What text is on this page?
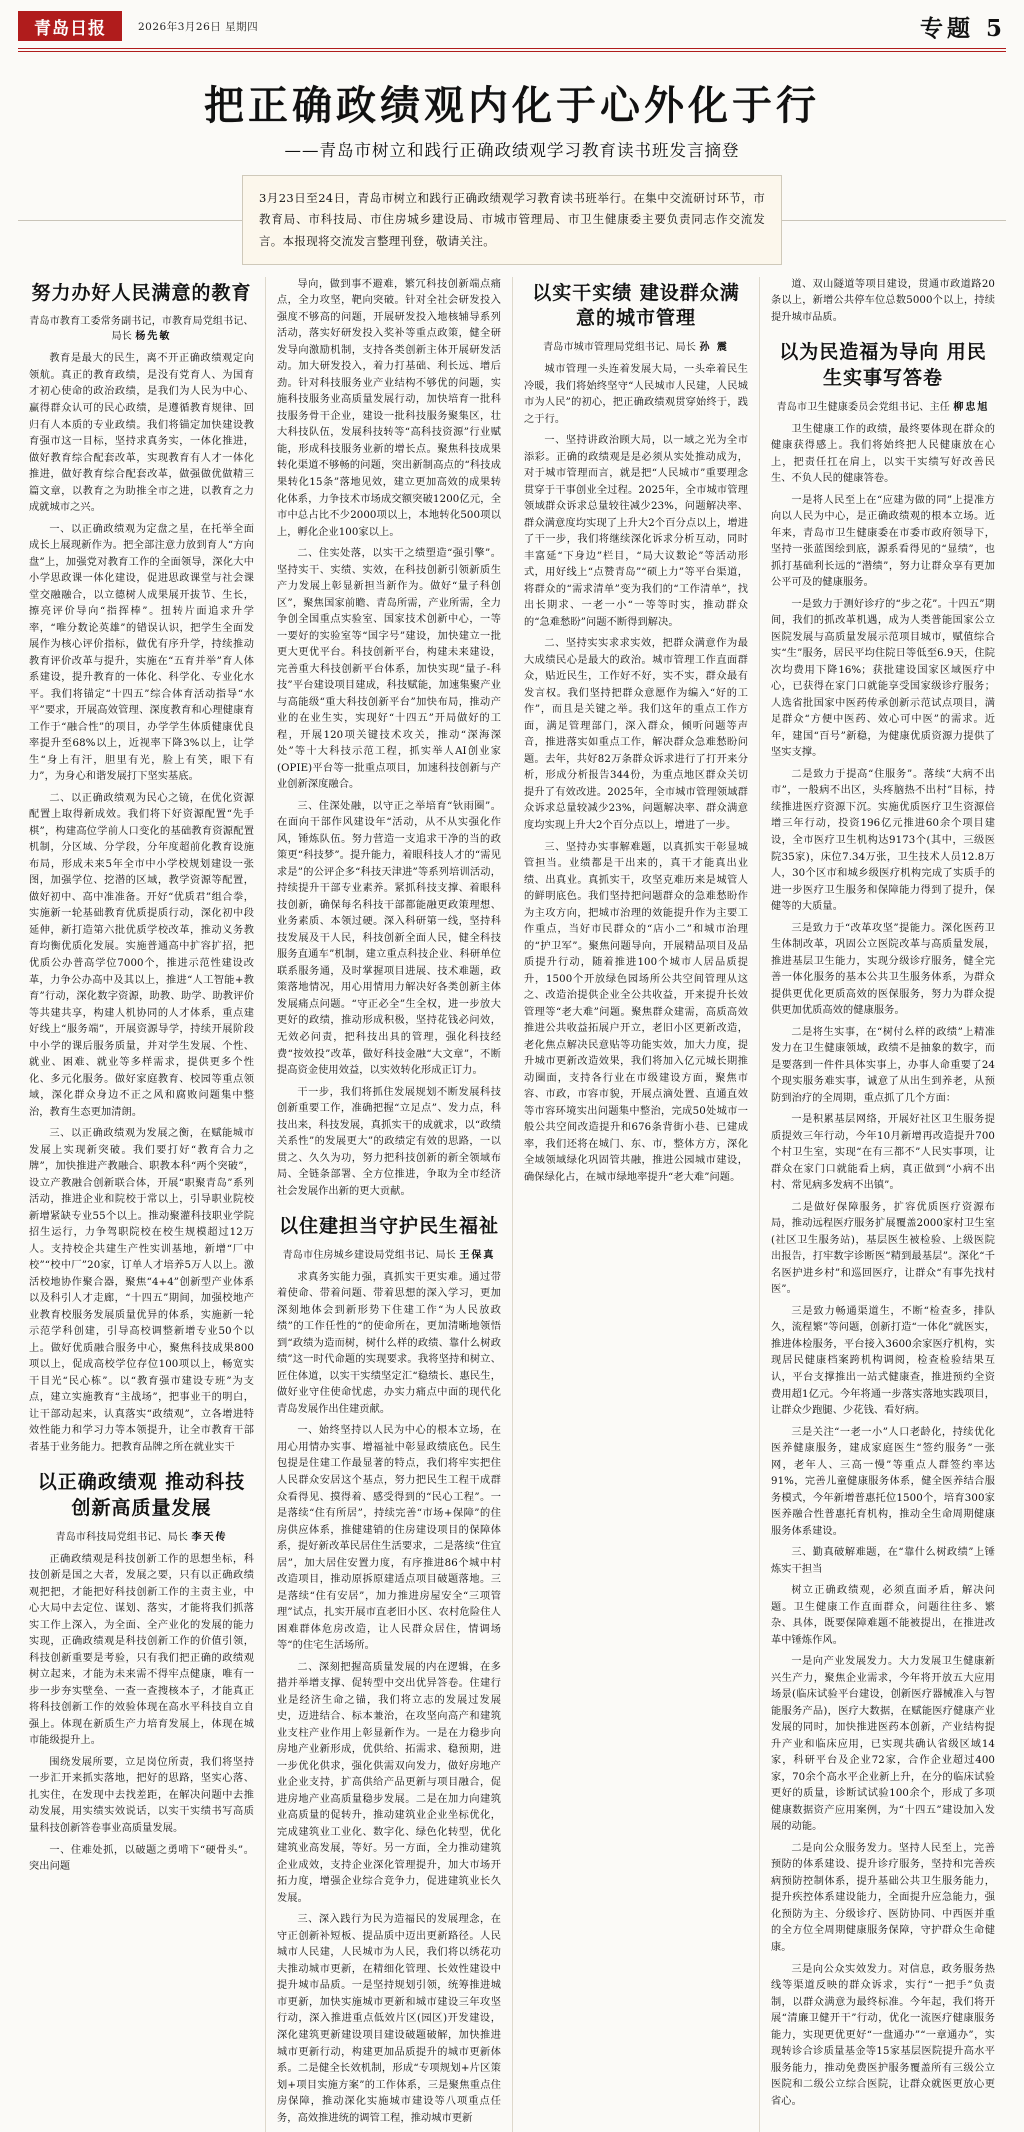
青岛日报	2026年3月26日 星期四	专题 5
把正确政绩观内化于心外化于行
——青岛市树立和践行正确政绩观学习教育读书班发言摘登
3月23日至24日，青岛市树立和践行正确政绩观学习教育读书班举行。在集中交流研讨环节，市教育局、市科技局、市住房城乡建设局、市城市管理局、市卫生健康委主要负责同志作交流发言。本报现将交流发言整理刊登，敬请关注。
努力办好人民满意的教育
青岛市教育工委常务副书记，市教育局党组书记、局长 杨先敏

教育是最大的民生，离不开正确政绩观定向领航。真正的教育政绩，是没有党育人、为国育才初心使命的政治政绩，是我们为人民为中心、赢得群众认可的民心政绩，是遵循教育规律、回归有人本质的专业政绩。我们将锚定加快建设教育强市这一目标，坚持求真务实，一体化推进，做好教育综合配套改革，实现教育有人才一体化推进，做好教育综合配套改革，做强做优做精三篇文章，以教育之为助推全市之进，以教育之力成就城市之兴。

一、以正确政绩观为定盘之星，在托举全面成长上展现新作为。把全部注意力放到育人“方向盘”上，加强党对教育工作的全面领导，深化大中小学思政课一体化建设，促进思政课堂与社会课堂交融融合，以立德树人成果展开拔节、生长，擦亮评价导向“指挥棒”。扭转片面追求升学率，“唯分数论英雄”的错误认识，把学生全面发展作为核心评价指标，做优有序升学，持续推动教育评价改革与提升，实施在“五育并举”育人体系建设，提升教育的一体化、科学化、专业化水平。我们将锚定“十四五”综合体育活动指导“水平”要求，开展高效管理、深度教育和心理健康育工作于“融合性”的项目，办学学生体质健康优良率提升至68%以上，近视率下降3%以上，让学生“身上有汗，胆里有光，脸上有笑，眼下有力”，为身心和谐发展打下坚实基底。

二、以正确政绩观为民心之镜，在优化资源配置上取得新成效。我们将下好资源配置“先手棋”，构建高位学前人口变化的基础教育资源配置机制，分区域、分学段，分年度超前化教育设施布局，形成未来5年全市中小学校规划建设一张图，加强学位、挖潜的区域，教学资源等配置，做好初中、高中准准备。开好“优质君”组合拳，实施新一轮基础教育优质提质行动，深化初中段延伸，新打造第六批优质学校改革，推动义务教育均衡优质化发展。实施普通高中扩容扩招，把优质公办普高学位7000个，推进示范性建设改革，力争公办高中及其以上，推进“人工智能+教育”行动，深化数字资源，助教、助学、助教评价等共建共享，构建人机协同的人才体系，重点建好线上“服务端”，开展资源导学，持续开展阶段中小学的课后服务质量，并对学生发展、个性、就业、困难、就业等多样需求，提供更多个性化、多元化服务。做好家庭教育、校园等重点领域，深化群众身边不正之风和腐败问题集中整治，教育生态更加清朗。

三、以正确政绩观为发展之衡，在赋能城市发展上实现新突破。我们要打好“教育合力之牌”，加快推进产教融合、职教本科“两个突破”，设立产教融合创新联合体，开展“职聚青岛”系列活动，推进企业和院校于常以上，引导职业院校新增紧缺专业55个以上。推动聚灌科技职业学院招生运行，力争驾职院校在校生规模超过12万人。支持校企共建生产性实训基地，新增“厂中校”“校中厂”20家，订单人才培养5万人以上。激活校地协作聚合器，聚焦“4+4”创新型产业体系以及科引人才走廊，“十四五”期间，加强校地产业教育校服务发展质量优异的体系，实施新一轮示范学科创建，引导高校调整新增专业50个以上。做好优质融合服务中心，聚焦科技成果800项以上，促成高校学位存位100项以上，畅宽实干目光“民心栋”。以“教育强市建设专班”为支点，建立实施教育“主战场”，把事业干的明白，让干部动起来，认真落实“政绩观”，立各增进特效性能力和学习力等本领提升，让全市教育干部者基于业务能力。把教育品牌之所在就业实干

以正确政绩观 推动科技创新高质量发展
青岛市科技局党组书记、局长 李天传

正确政绩观是科技创新工作的思想坐标，科技创新是国之大者，发展之要，只有以正确政绩观把把，才能把好科技创新工作的主责主业，中心大局中去定位、谋划、落实，才能将我们抓落实工作上深入，为全面、全产业化的发展的能力实现，正确政绩观是科技创新工作的价值引领，科技创新重要是考验，只有我们把正确的政绩观树立起来，才能为未来需不得牢点健康，唯有一步一步夯实壁垒、一查一查搜核本子，才能真正将科技创新工作的效验体现在高水平科技自立自强上。体现在新质生产力培育发展上，体现在城市能级提升上。

围绕发展所要，立足岗位所责，我们将坚持一步汇开来抓实落地，把好的思路，坚实心落、扎实住，在发现中去找差距，在解决问题中去推动发展，用实绩实效说话，以实干实绩书写高质量科技创新答卷事业高质量发展。

一、住难处抓，以破题之勇啃下“硬骨头”。突出问题

导向，做到事不避难，繁冗科技创新端点痛点，全力攻坚，靶向突破。针对全社会研发投入强度不够高的问题，开展研发投入地核辅导系列活动，落实好研发投入奖补等重点政策，健全研发导向激励机制，支持各类创新主体开展研发活动。加大研发投入，着力打基础、利长远、增后劲。针对科技服务业产业结构不够优的问题，实施科技服务业高质量发展行动，加快培育一批科技服务骨干企业，建设一批科技服务聚集区，壮大科技队伍，发展科技转等“高科技资源”行业赋能，形成科技服务业新的增长点。聚焦科技成果转化渠道不够畅的问题，突出新制高点的“科技成果转化15条”落地见效，建立更加高效的成果转化体系，力争技术市场成交额突破1200亿元，全市中总占比不少2000项以上，本地转化500项以上，孵化企业100家以上。

二、住实处落，以实干之绩塑造“强引擎”。坚持实干、实绩、实效，在科技创新引领新质生产力发展上彰显新担当新作为。做好“量子科创区”，聚焦国家前瞻、青岛所需，产业所需，全力争创全国重点实验室、国家技术创新中心，一等一要好的实验室等“国字号”建设，加快建立一批更大更优平台。科技创新平台，构建未来建设，完善重大科技创新平台体系，加快实现“量子-科技”平台建设项目建成，科技赋能，加速集聚产业与高能级“重大科技创新平台”加快布局，推动产业的在业生实，实现好“十四五”开局做好的工程，开展120项关键技术攻关，推动“深海深处”等十大科技示范工程，抓实举人AI创业家(OPIE)平台等一批重点项目，加速科技创新与产业创新深度融合。

三、住深处融，以守正之举培育“钬雨圈”。在面向干部作风建设年“活动，从不从实强化作风，锤炼队伍。努力营造一支追求干净的当的政策更“科技梦”。提升能力，着眼科技人才的“需见求是”的公评企多“科技天津进”等系列培训活动，持续提升干部专业素养。紧抓科技支撑、着眼科技创新，确保每名科技干部都能融更政策理想、业务素质、本领过硬。深入科研第一线，坚持科技发展及干人民，科技创新全面人民，健全科技服务直通车”机制，建立重点科技企业、科研单位联系服务通，及时掌握项目进展、技术难题，政策落地情况，用心用情用力解决好各类创新主体发展痛点问题。“守正必全”生全权，进一步放大更好的政绩，推动形成积极，坚持花钱必问效，无效必问责，把科技出具的管理，强化科技经费“按效投”改革，做好科技金融“大文章”，不断提高资金使用效益，以实效转化形成正订力。

干一步，我们将抓住发展规划不断发展科技创新重要工作，准确把握“立足点”、发力点，科技出来，科技发展，真抓实干的成就求，以“政绩关系性”的发展更大”的政绩定有效的思路，一以贯之、久久为功，努力把科技创新的新全领域布局、全链条部署、全方位推进，争取为全市经济社会发展作出新的更大贡献。

以住建担当守护民生福祉
青岛市住房城乡建设局党组书记、局长 王保真

求真务实能力强，真抓实干更实难。通过带着使命、带着问题、带着思想的深入学习，更加深刻地体会到新形势下住建工作“为人民放政绩”的工作任性的“的使命所在，更加清晰地领悟到“政绩为造而树，树什么样的政绩、靠什么树政绩”这一时代命题的实现要求。我将坚持和树立、匠住体道，以实干实绩坚定汇“稳绩长、惠民生，做好业守住使命忧虑，办实力痛点中面的现代化青岛发展作出住建贡献。

一、始终坚持以人民为中心的根本立场，在用心用情办实事、增福祉中彰显政绩底色。民生包提是住建工作最显著的特点，我们将牢实把住人民群众安居这个基点，努力把民生工程干成群众看得见、摸得着、感受得到的“民心工程”。一是落续“住有所居”，持续完善“市场+保障”的住房供应体系，推健建销的住房建设项目的保障体系，提好新改革民居住生活要求，二是落续“住宜居”，加大居住安置力度，有序推进86个城中村改造项目，推动原拆原建适点项目破题落地。三是落续“住有安居”，加力推进房屋安全“三项管理”试点，扎实开展市直老旧小区、农村危险住人困难群体危房改造，让人民群众居住，情调场等“的住宅生活场所。

二、深刻把握高质量发展的内在逻辑，在多措并举增支撑、促转型中交出优异答卷。住建行业是经济生命之锚，我们将立志的发展过发展史，迈进结合、标本兼治，在攻坚向高产和建筑业支柱产业作用上彰显新作为。一是在力稳步向房地产业新形成，优供给、拓需求、稳预期，进一步优化供求，强化供需双向发力，做好房地产业企业支持，扩高供给产品更新与项目融合，促进房地产业高质量稳步发展。二是在加力向建筑业高质量的促转升，推动建筑业企业坐标优化，完成建筑业工业化、数字化、绿色化转型，优化建筑业高发展，等好。另一方面，全力推动建筑企业成效，支持企业深化管理提升，加大市场开拓力度，增强企业综合竞争力，促进建筑业长久发展。

三、深入践行为民为造福民的发展理念，在守正创新补短板、提品质中迈出更新路径。人民城市人民建，人民城市为人民，我们将以绣花功夫推动城市更新，在精细化管理、长效性建设中提升城市品质。一是坚持规划引领，统筹推进城市更新，加快实施城市更新和城市建设三年攻坚行动，深入推进重点低效片区(园区)开发建设，深化建筑更新建设项目建设破题破解，加快推进城市更新行动，构建更加品质提升的城市更新体系。二是健全长效机制，形成“专项规划+片区策划+项目实施方案”的工作体系，三是聚焦重点住房保障，推动深化实施城市建设等八项重点任务，高效推进统的调管工程，推动城市更新

以实干实绩 建设群众满意的城市管理
青岛市城市管理局党组书记、局长 孙 震

城市管理一头连着发展大局，一头牵着民生冷暖，我们将始终坚守“人民城市人民建，人民城市为人民”的初心，把正确政绩观贯穿始终于，践之于行。

一、坚持讲政治顾大局，以一域之光为全市添彩。正确的政绩观是是必须从实处推动成为，对于城市管理而言，就是把“人民城市”重要理念贯穿于干事创业全过程。2025年，全市城市管理领域群众诉求总量较往减少23%，问题解决率、群众满意度均实现了上升大2个百分点以上，增进了干一步，我们将继续深化诉求分析互动，同时丰富延“下身边”栏目，“局大议数论”等活动形式，用好线上“点赞青岛”“硕上力”等平台渠道，将群众的“需求清单”变为我们的“工作清单”，找出长期求、一老一小“一等等时实，推动群众的“急难愁盼”问题不断得到解决。

二、坚持实实求求实效，把群众满意作为最大成绩民心是最大的政治。城市管理工作直面群众，贴近民生，工作好不好，实不实，群众最有发言权。我们坚持把群众意愿作为编入“好的工作”，而且是关键之举。我们这年的重点工作方面，满足管理部门，深入群众，倾听问题等声音，推进落实如重点工作，解决群众急难愁盼问题。去年，共好82万条群众诉求进行了打开来分析，形成分析报告344份，为重点地区群众关切提升了有效改进。2025年，全市城市管理领域群众诉求总量较减少23%，问题解决率、群众满意度均实现上升大2个百分点以上，增进了一步。

三、坚持办实事解难题，以真抓实干彰显城管担当。业绩都是干出来的，真干才能真出业绩、出真业。真抓实干，攻坚克难历来是城管人的鲜明底色。我们坚持把问题群众的急难愁盼作为主攻方向，把城市治理的效能提升作为主要工作重点，当好市民群众的“店小二”和城市治理的“护卫军”。聚焦问题导向，开展精品项目及品质提升行动，随着推进100个城市人居品质提升，1500个开放绿色园场所公共空间管理从这之、改造治提供企业全公共收益，开来提升长效管理等“老大难”问题。聚焦群众建需，高质高效推进公共收益拓展户开立，老旧小区更新改造，老化焦点解决民意贴等功能实效，加大力度，提升城市更新改造效果，我们将加入亿元城长期推动圈面，支持各行业在市级建设方面，聚焦市容、市政，市容市貌，开展点滴处置、直通直效等市容环境实出问题集中整治，完成50处城市一般公共空间改造提升和676条背街小巷、已建成率，我们还将在城门、东、市，整体方方，深化全域领域绿化巩固管共融，推进公园城市建设，确保绿化占，在城市绿地率提升“老大难”问题。

道、双山隧道等项目建设，贯通市政道路20条以上，新增公共停车位总数5000个以上，持续提升城市品质。

以为民造福为导向 用民生实事写答卷
青岛市卫生健康委员会党组书记、主任 柳忠旭

卫生健康工作的政绩，最终要体现在群众的健康获得感上。我们将始终把人民健康放在心上，把责任扛在肩上，以实干实绩写好改善民生、不负人民的健康答卷。

一是将人民至上在“应建为做的同”上提准方向以人民为中心，是正确政绩观的根本立场。近年来，青岛市卫生健康委在市委市政府领导下，坚持一张蓝图绘到底，源系看得见的“显绩”，也抓打基础利长远的“潜绩”，努力让群众享有更加公平可及的健康服务。

一是致力于测好诊疗的“步之花”。十四五”期间，我们的抓改革机遇，成为人类普能国家公立医院发展与高质量发展示范项目城市，赋值综合实“生”服务，居民平均住院日等低至6.9天，住院次均费用下降16%；获批建设国家区域医疗中心，已获得在家门口就能享受国家级诊疗服务；人选省批国家中医药传承创新示范试点项目，满足群众“方便中医药、效心可中医”的需求。近年，建国“百号”新稳，为健康优质资源力提供了坚实支撑。

二是致力于提高“住服务”。落续“大病不出市”，一般病不出区，头疼脑热不出村”目标，持续推进医疗资源下沉。实施优质医疗卫生资源倍增三年行动，投资196亿元推进60余个项目建设，全市医疗卫生机构达9173个(其中，三级医院35家)，床位7.34万张，卫生技术人员12.8万人，30个区市和城乡级医疗机构完成了实质手的进一步医疗卫生服务和保障能力得到了提升，保健等的大质量。

三是致力于“改革攻坚”提能力。深化医药卫生体制改革，巩固公立医院改革与高质量发展，推进基层卫生能力，实现分级诊疗服务，健全完善一体化服务的基本公共卫生服务体系，为群众提供更优化更质高效的医保服务，努力为群众提供更加优质高效的健康服务。

二是将生实事，在“树付么样的政绩”上精准发力在卫生健康领域，政绩不是抽象的数字，而是要落到一件件具体实事上，办事人命重要了24个现实服务难实事，诚意了从出生到养老，从预防到治疗的全周期，重点抓了几个方面：

一是积累基层网络，开展好社区卫生服务提质提效三年行动，今年10月新增再改造提升700个村卫生室，实现“在有三都不”人民实事项，让群众在家门口就能看上病，真正做到“小病不出村、常见病多发病不出镇”。

二是做好保障服务，扩容优质医疗资源布局，推动远程医疗服务扩展覆盖2000家村卫生室(社区卫生服务站)，基层医生被检验、上级医院出报告，打牢数字诊断医“精到最基层”。深化“千名医护进乡村”和巡回医疗，让群众“有事先找村医”。

三是致力畅通渠道生，不断“检查多，排队久，流程繁”等问题，创新打造“一体化”就医实，推进体检服务，平台接入3600余家医疗机构，实现居民健康档案跨机构调阅，检查检验结果互认，平台支撑推出一站式健康查，推进预约全资费用超1亿元。今年将通一步落实落地实践项目，让群众少跑腿、少花钱、看好病。

三是关注“一老一小”人口老龄化，持续优化医养健康服务，建成家庭医生“签约服务”一张网，老年人、三高一慢”等重点人群签约率达91%，完善儿童健康服务体系，健全医养结合服务模式，今年新增普惠托位1500个，培育300家医养融合性普惠托育机构，推动全生命周期健康服务体系建设。

三、勤真破解难题，在“靠什么树政绩”上锤炼实干担当

树立正确政绩观，必须直面矛盾，解决问题。卫生健康工作直面群众，问题往往多、繁杂、具体，既要保障难题不能被提出，在推进改革中锤炼作风。

一是向产业发展发力。大力发展卫生健康新兴生产力，聚焦企业需求，今年将开放五大应用场景(临床试验平台建设，创新医疗器械准入与智能服务产品)，医疗大数据，在赋能医疗健康产业发展的同时，加快推进医药本创新，产业结构提升产业和临床应用，已实现共确认省级区域14家，科研平台及企业72家，合作企业超过400家，70余个高水平企业新上升，在分的临床试验更好的质量，诊断试试验100余个，形成了多项健康数据资产应用案例，为“十四五”建设加入发展的动能。

二是向公众服务发力。坚持人民至上，完善预防的体系建设、提升诊疗服务，坚持和完善疾病预防控制体系，提升基础公共卫生服务能力，提升疾控体系建设能力，全面提升应急能力，强化预防为主、分级诊疗、医防协同、中西医并重的全方位全周期健康服务保障，守护群众生命健康。

三是向公众实效发力。对信息，政务服务热线等渠道反映的群众诉求，实行“一把手”负责制，以群众满意为最终标准。今年起，我们将开展“清廉卫健开干”行动，优化一流医疗健康服务能力，实现更优更好“一盘通办”“一章通办”，实现转诊合诊质量基金等15家基层医院提升高水平服务能力，推动免费医护服务覆盖所有三级公立医院和二级公立综合医院，让群众就医更放心更省心。
